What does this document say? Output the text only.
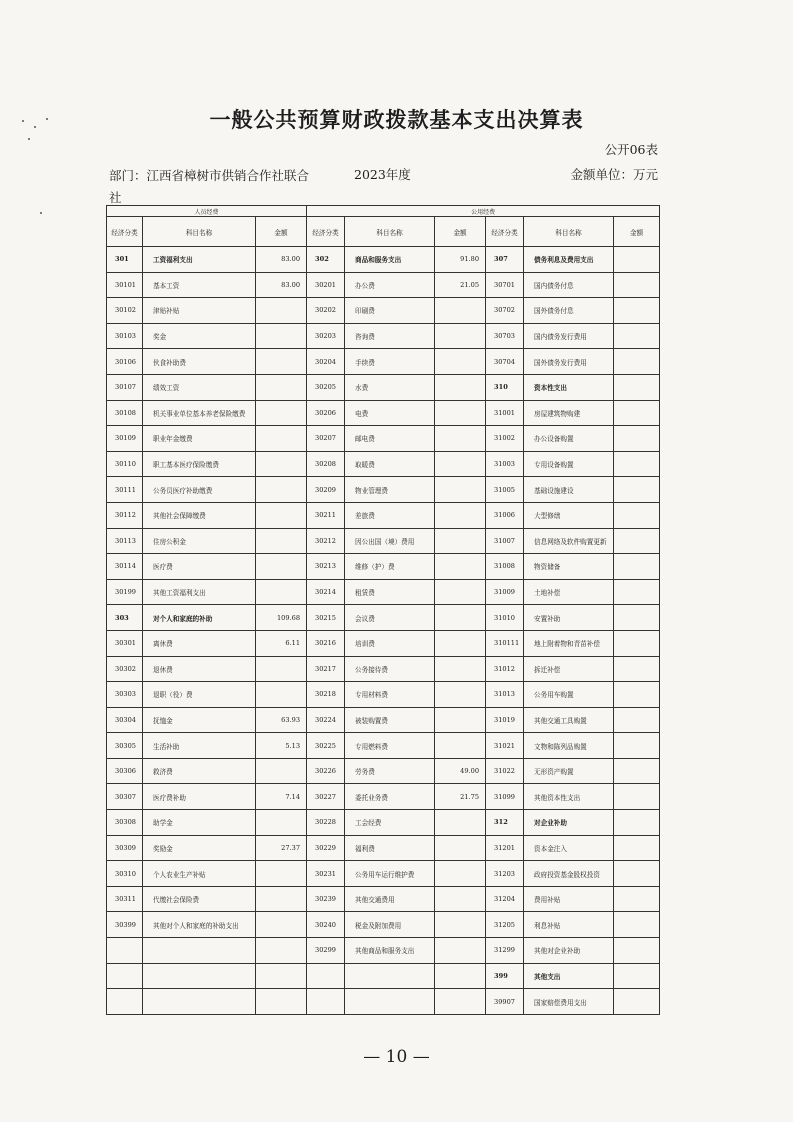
一般公共预算财政拨款基本支出决算表
公开06表
部门：江西省樟树市供销合作社联合社
2023年度	金额单位：万元
人员经费			公用经费					
经济分类	科目名称	金额	经济分类	科目名称	金额	经济分类	科目名称	金额
301	工资福利支出	83.00	302	商品和服务支出	91.80	307	债务利息及费用支出	
30101	基本工资	83.00	30201	办公费	21.05	30701	国内债务付息	
30102	津贴补贴		30202	印刷费		30702	国外债务付息	
30103	奖金		30203	咨询费		30703	国内债务发行费用	
30106	伙食补助费		30204	手续费		30704	国外债务发行费用	
30107	绩效工资		30205	水费		310	资本性支出	
30108	机关事业单位基本养老保险缴费		30206	电费		31001	房屋建筑物购建	
30109	职业年金缴费		30207	邮电费		31002	办公设备购置	
30110	职工基本医疗保险缴费		30208	取暖费		31003	专用设备购置	
30111	公务员医疗补助缴费		30209	物业管理费		31005	基础设施建设	
30112	其他社会保障缴费		30211	差旅费		31006	大型修缮	
30113	住房公积金		30212	因公出国（境）费用		31007	信息网络及软件购置更新	
30114	医疗费		30213	维修（护）费		31008	物资储备	
30199	其他工资福利支出		30214	租赁费		31009	土地补偿	
303	对个人和家庭的补助	109.68	30215	会议费		31010	安置补助	
30301	离休费	6.11	30216	培训费		310111	地上附着物和青苗补偿	
30302	退休费		30217	公务接待费		31012	拆迁补偿	
30303	退职（役）费		30218	专用材料费		31013	公务用车购置	
30304	抚恤金	63.93	30224	被装购置费		31019	其他交通工具购置	
30305	生活补助	5.13	30225	专用燃料费		31021	文物和陈列品购置	
30306	救济费		30226	劳务费	49.00	31022	无形资产购置	
30307	医疗费补助	7.14	30227	委托业务费	21.75	31099	其他资本性支出	
30308	助学金		30228	工会经费		312	对企业补助	
30309	奖励金	27.37	30229	福利费		31201	资本金注入	
30310	个人农业生产补贴		30231	公务用车运行维护费		31203	政府投资基金股权投资	
30311	代缴社会保险费		30239	其他交通费用		31204	费用补贴	
30399	其他对个人和家庭的补助支出		30240	税金及附加费用		31205	利息补贴	
			30299	其他商品和服务支出		31299	其他对企业补助	
						399	其他支出	
						39907	国家赔偿费用支出	
— 10 —
